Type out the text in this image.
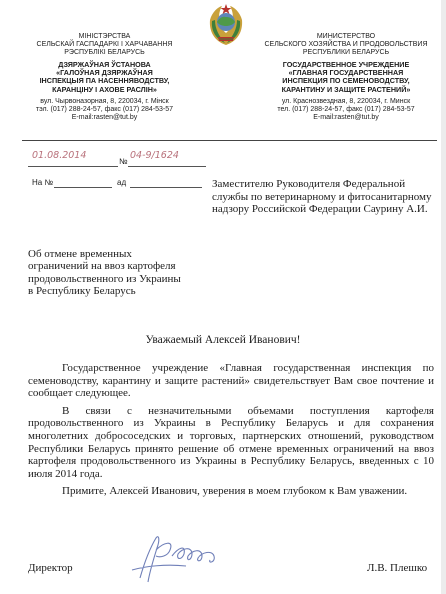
МІНІСТЭРСТВА
СЕЛЬСКАЙ ГАСПАДАРКІ І ХАРЧАВАННЯ
РЭСПУБЛІКІ БЕЛАРУСЬ
ДЗЯРЖАЎНАЯ ЎСТАНОВА
«ГАЛОЎНАЯ ДЗЯРЖАЎНАЯ
ІНСПЕКЦЫЯ ПА НАСЕННЯВОДСТВУ,
КАРАНЦІНУ І АХОВЕ РАСЛІН»
вул. Чырвоназорная, 8, 220034, г. Мінск
тэл. (017) 288-24-57, факс (017) 284-53-57
E-mail:rasten@tut.by
МИНИСТЕРСТВО
СЕЛЬСКОГО ХОЗЯЙСТВА И ПРОДОВОЛЬСТВИЯ
РЕСПУБЛИКИ БЕЛАРУСЬ
ГОСУДАРСТВЕННОЕ УЧРЕЖДЕНИЕ
«ГЛАВНАЯ ГОСУДАРСТВЕННАЯ
ИНСПЕКЦИЯ ПО СЕМЕНОВОДСТВУ,
КАРАНТИНУ И ЗАЩИТЕ РАСТЕНИЙ»
ул. Краснозвездная, 8, 220034, г. Минск
тел. (017) 288-24-57, факс (017) 284-53-57
E-mail:rasten@tut.by
01.08.2014
№
04-9/1624
На №	ад	Заместителю Руководителя Федеральной службы по ветеринарному и фитосанитарному надзору Российской Федерации Саурину А.И.
Об отмене временных ограничений на ввоз картофеля продовольственного из Украины в Республику Беларусь
Уважаемый Алексей Иванович!

Государственное учреждение «Главная государственная инспекция по семеноводству, карантину и защите растений» свидетельствует Вам свое почтение и сообщает следующее.

В связи с незначительными объемами поступления картофеля продовольственного из Украины в Республику Беларусь и для сохранения многолетних добрососедских и торговых, партнерских отношений, руководством Республики Беларусь принято решение об отмене временных ограничений на ввоз картофеля продовольственного из Украины в Республику Беларусь, введенных с 10 июля 2014 года.

Примите, Алексей Иванович, уверения в моем глубоком к Вам уважении.

Директор	Л.В. Плешко
